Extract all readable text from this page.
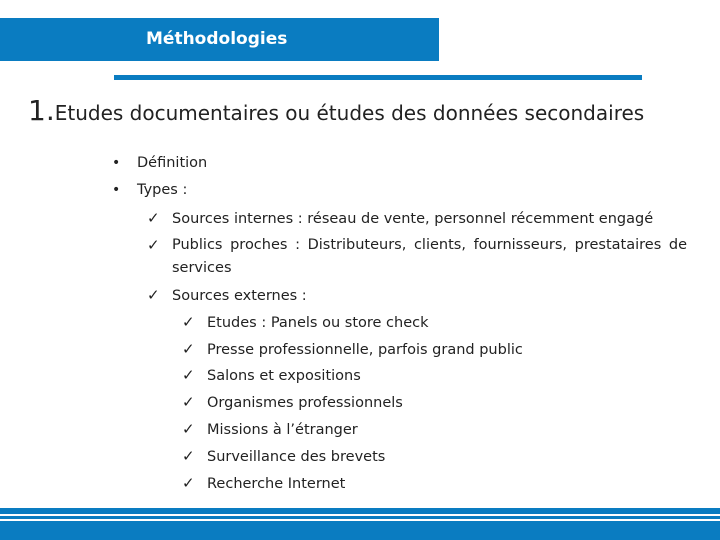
Méthodologies
1.Etudes documentaires ou études des données secondaires
• Définition
• Types :
✓ Sources internes : réseau de vente, personnel récemment engagé
✓ Publics proches : Distributeurs, clients, fournisseurs, prestataires de services
✓ Sources externes :
✓ Etudes : Panels ou store check
✓ Presse professionnelle, parfois grand public
✓ Salons et expositions
✓ Organismes professionnels
✓ Missions à l’étranger
✓ Surveillance des brevets
✓ Recherche Internet
